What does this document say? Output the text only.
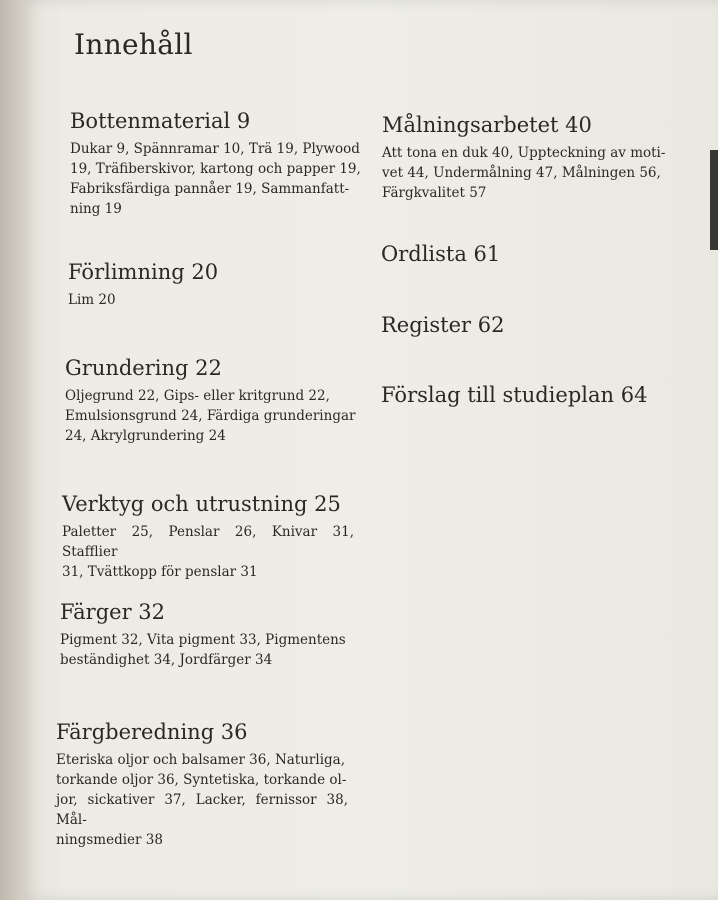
Innehåll
Bottenmaterial 9

Dukar 9, Spännramar 10, Trä 19, Plywood
19, Träfiberskivor, kartong och papper 19,
Fabriksfärdiga pannåer 19, Sammanfatt-
ning 19

Förlimning 20

Lim 20

Grundering 22

Oljegrund 22, Gips- eller kritgrund 22,
Emulsionsgrund 24, Färdiga grunderingar
24, Akrylgrundering 24

Verktyg och utrustning 25

Paletter 25, Penslar 26, Knivar 31, Stafflier
31, Tvättkopp för penslar 31

Färger 32

Pigment 32, Vita pigment 33, Pigmentens
beständighet 34, Jordfärger 34

Färgberedning 36

Eteriska oljor och balsamer 36, Naturliga,
torkande oljor 36, Syntetiska, torkande ol-
jor, sickativer 37, Lacker, fernissor 38, Mål-
ningsmedier 38

Målningsarbetet 40

Att tona en duk 40, Uppteckning av moti-
vet 44, Undermålning 47, Målningen 56,
Färgkvalitet 57

Ordlista 61
Register 62
Förslag till studieplan 64
